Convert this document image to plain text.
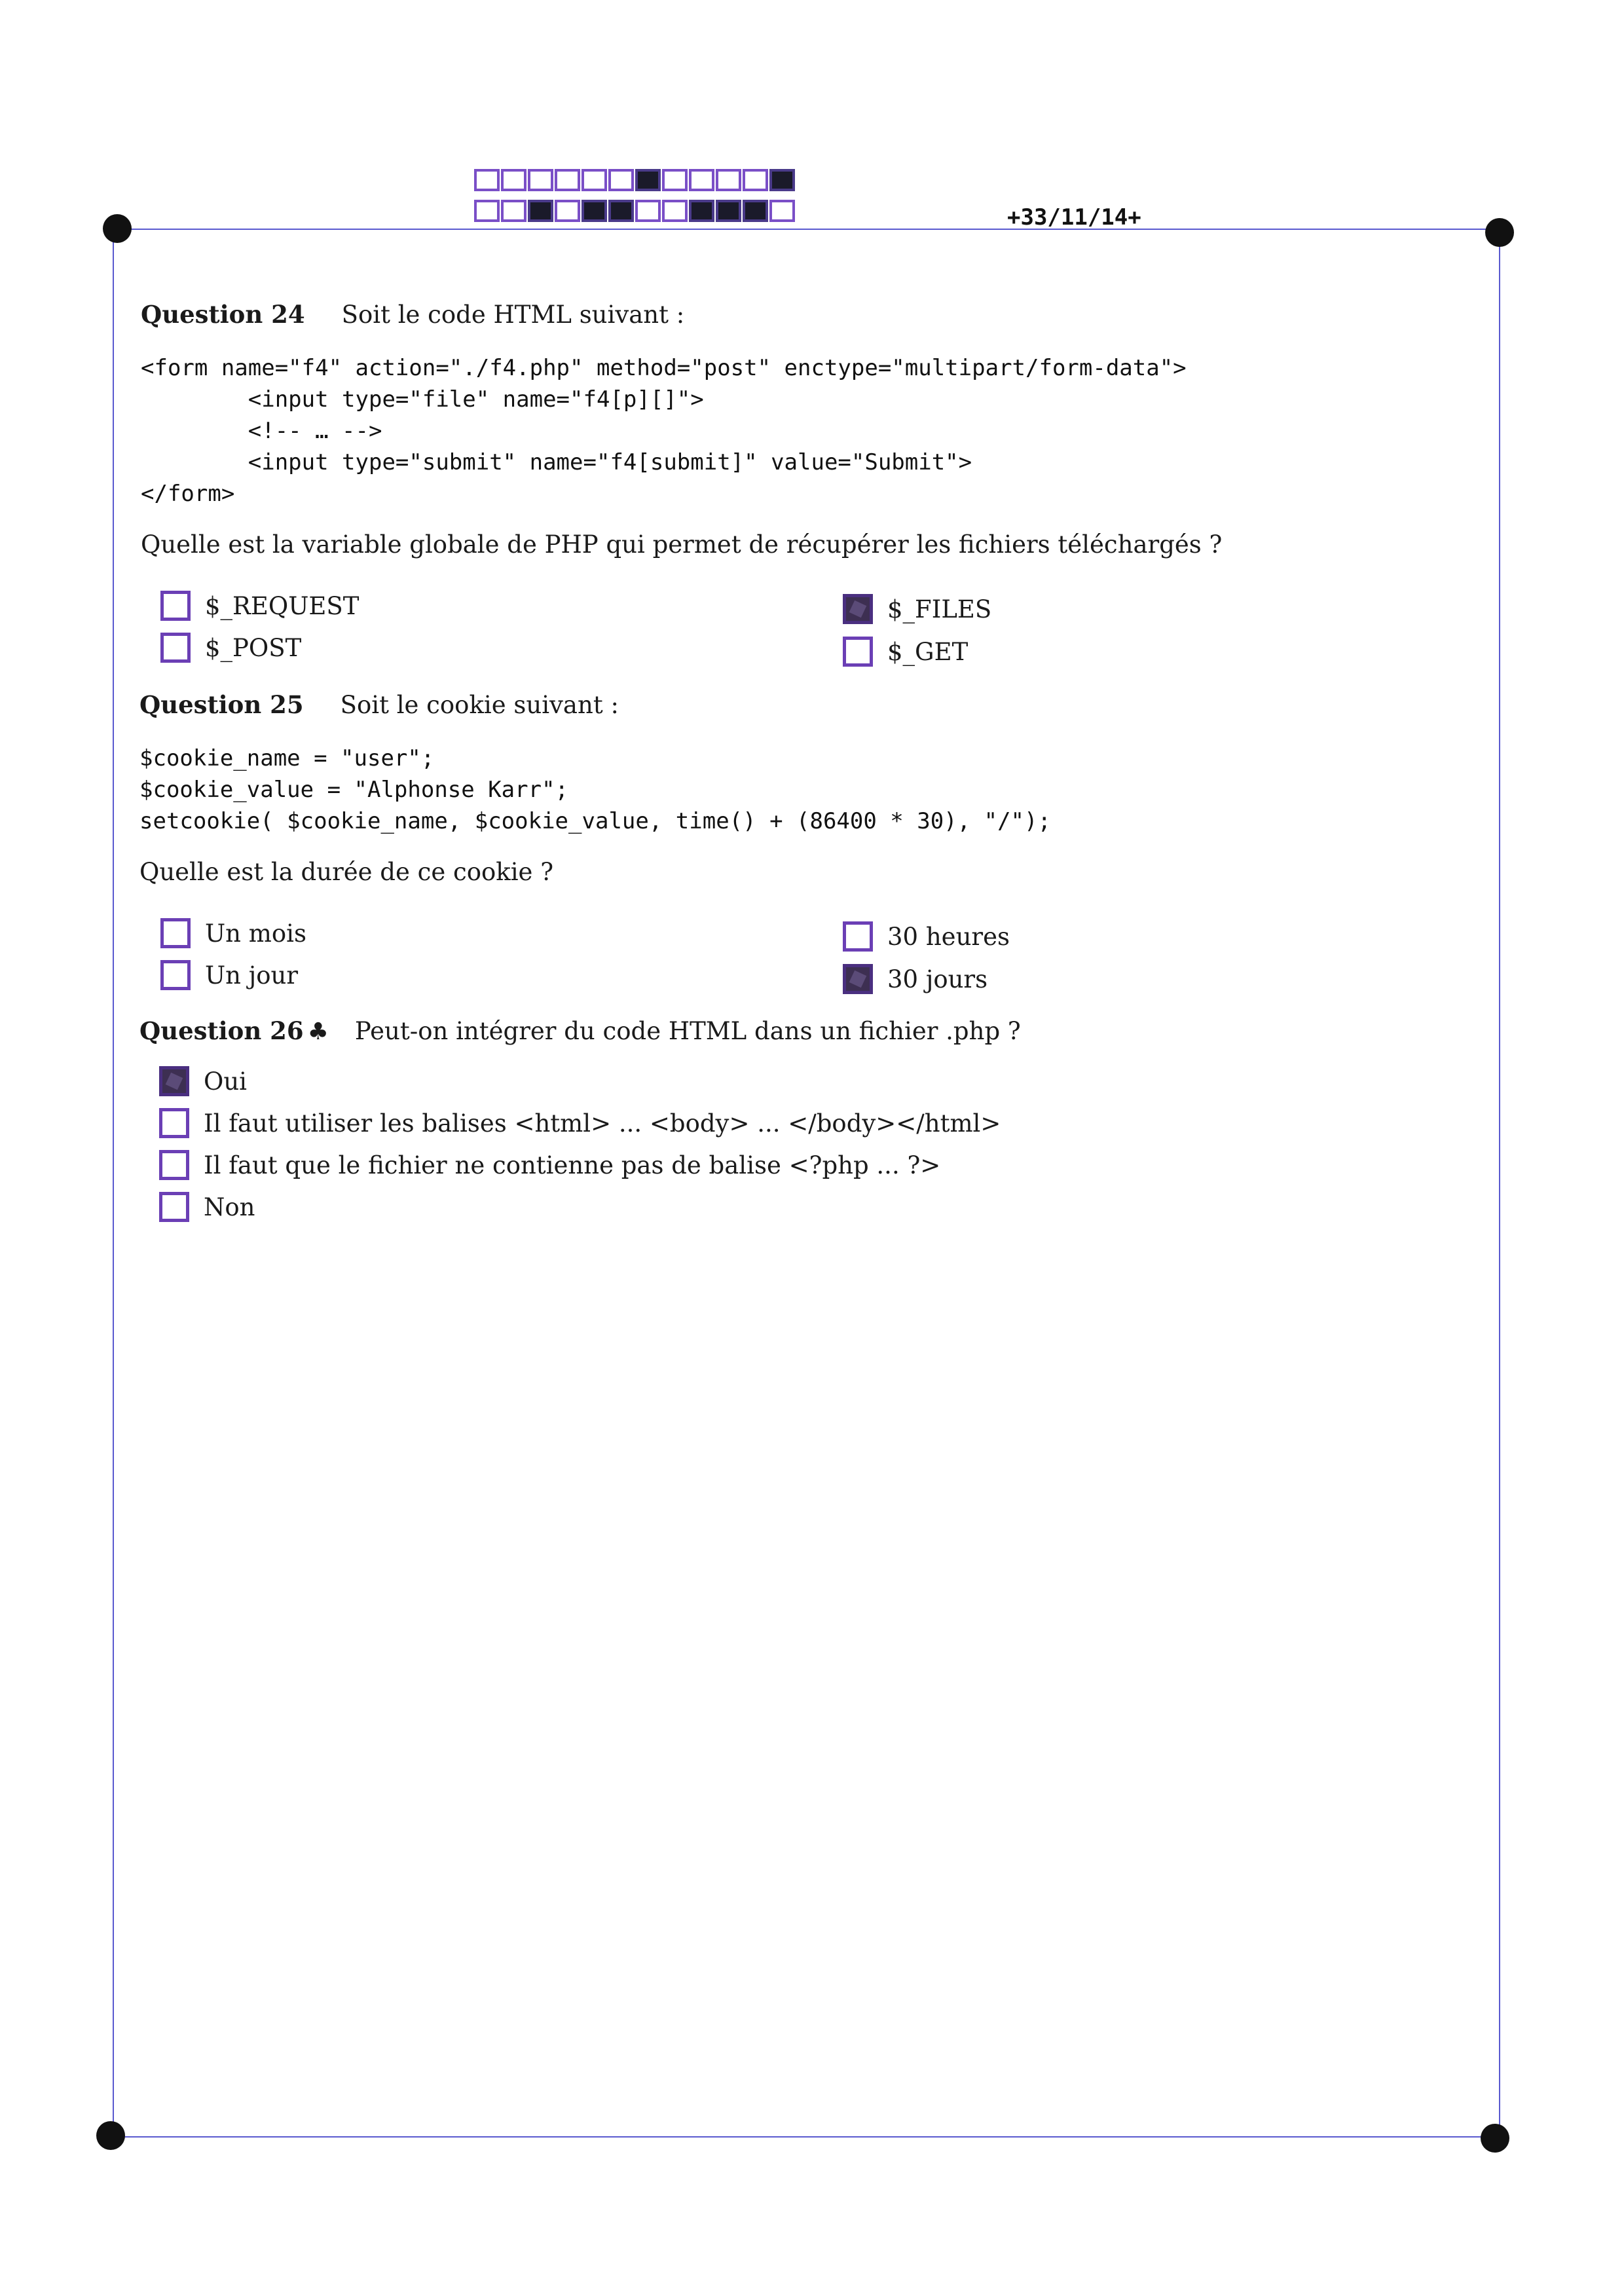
+33/11/14+
Question 24 Soit le code HTML suivant :
<form name="f4" action="./f4.php" method="post" enctype="multipart/form-data">
<input type="file" name="f4[p][]">
<!-- … -->
<input type="submit" name="f4[submit]" value="Submit">
</form>
Quelle est la variable globale de PHP qui permet de récupérer les fichiers téléchargés ?
$_REQUEST
$_POST
$_FILES
$_GET
Question 25 Soit le cookie suivant :
$cookie_name = "user";
$cookie_value = "Alphonse Karr";
setcookie( $cookie_name, $cookie_value, time() + (86400 * 30), "/");
Quelle est la durée de ce cookie ?
Un mois
Un jour
30 heures
30 jours
Question 26 ♣ Peut-on intégrer du code HTML dans un fichier .php ?
Oui
Il faut utiliser les balises <html> ... <body> ... </body></html>
Il faut que le fichier ne contienne pas de balise <?php ... ?>
Non
